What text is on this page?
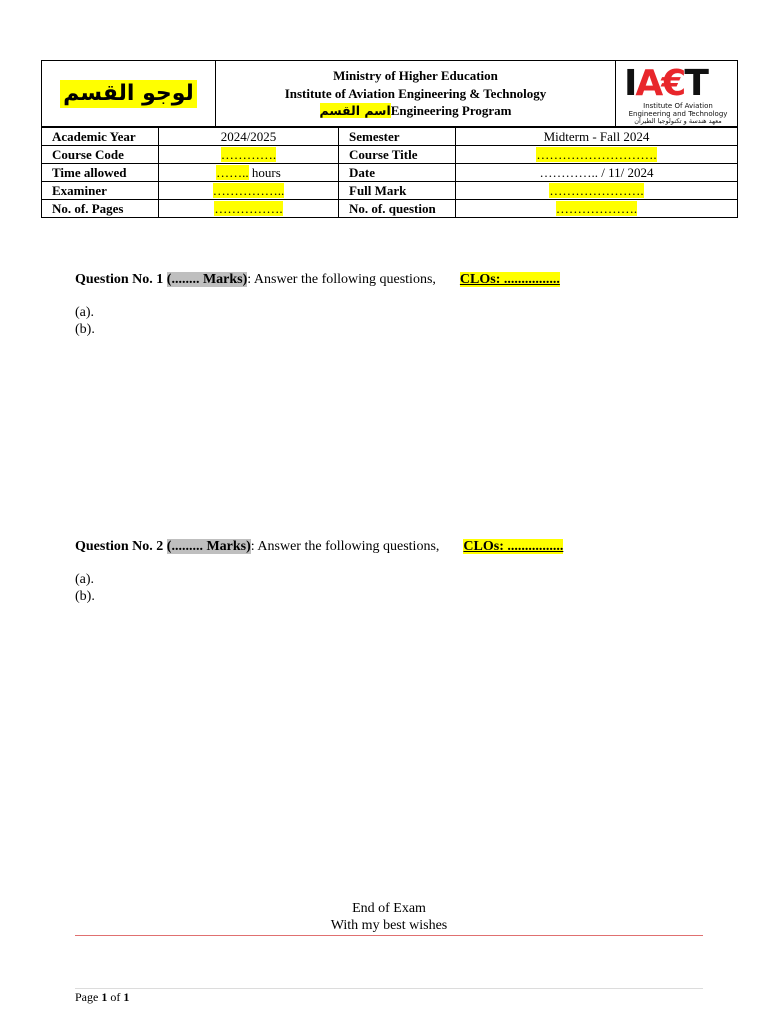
لوجو القسم
Ministry of Higher Education
Institute of Aviation Engineering & Technology
اسم القسمEngineering Program
IA€T
Institute Of Aviation
Engineering and Technology
معهد هندسة و تكنولوجيا الطيران
Academic Year	2024/2025	Semester	Midterm - Fall 2024
Course Code	………….	Course Title	……………………….
Time allowed	…….. hours	Date	………….. / 11/ 2024
Examiner	……………..	Full Mark	………………….
No. of. Pages	…………….	No. of. question	……………….
Question No. 1 (........ Marks): Answer the following questions, CLOs: ................
(a).
(b).
Question No. 2 (......... Marks): Answer the following questions, CLOs: ................
(a).
(b).
End of Exam
With my best wishes
Page 1 of 1
